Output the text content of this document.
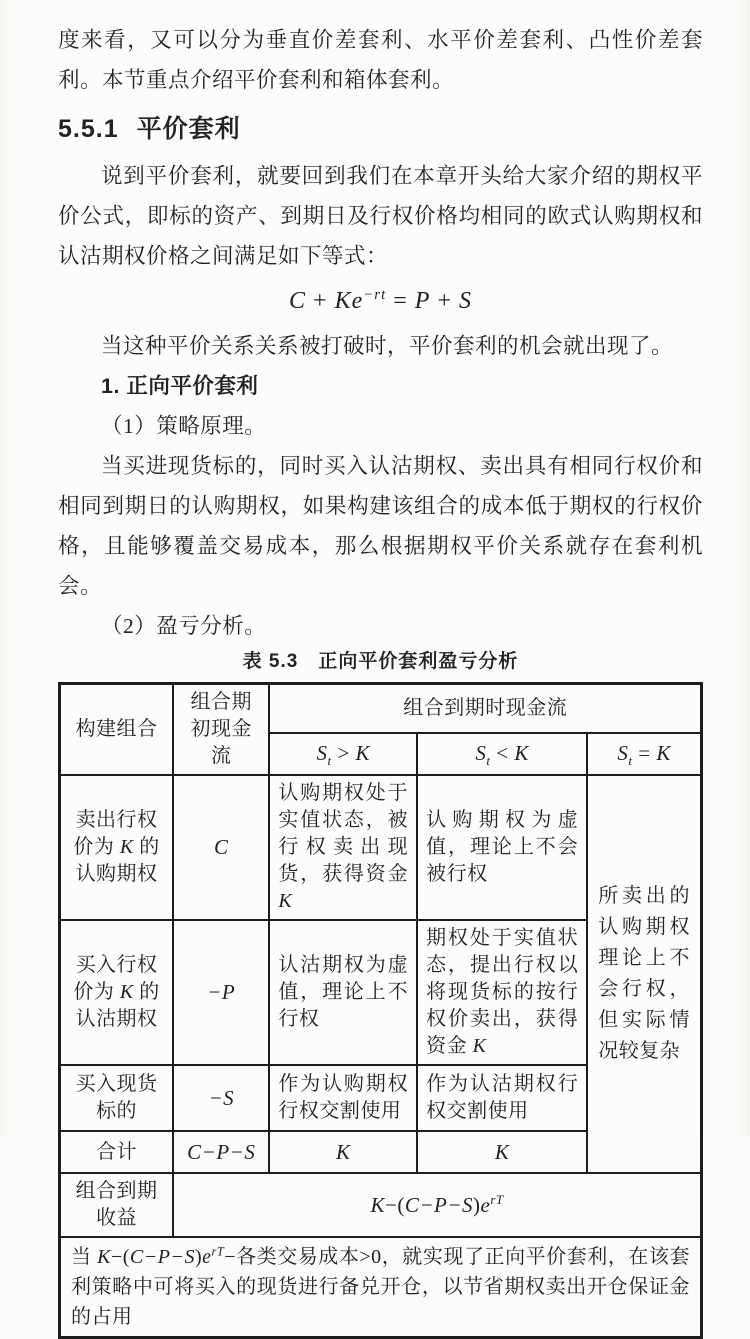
度来看，又可以分为垂直价差套利、水平价差套利、凸性价差套利。本节重点介绍平价套利和箱体套利。

5.5.1 平价套利

说到平价套利，就要回到我们在本章开头给大家介绍的期权平价公式，即标的资产、到期日及行权价格均相同的欧式认购期权和认沽期权价格之间满足如下等式：

$C + Ke^{-rt} = P + S$

当这种平价关系关系被打破时，平价套利的机会就出现了。

1. 正向平价套利

（1）策略原理。

当买进现货标的，同时买入认沽期权、卖出具有相同行权价和相同到期日的认购期权，如果构建该组合的成本低于期权的行权价格，且能够覆盖交易成本，那么根据期权平价关系就存在套利机会。

（2）盈亏分析。

表 5.3　正向平价套利盈亏分析
构建组合	组合期初现金流	组合到期时现金流		
		$S_t > K$	$S_t < K$	$S_t = K$
卖出行权价为 K 的认购期权	C	认购期权处于实值状态，被行权卖出现货，获得资金 K	认购期权为虚值，理论上不会被行权	所卖出的认购期权理论上不会行权，但实际情况较复杂
买入行权价为 K 的认沽期权	−P	认沽期权为虚值，理论上不行权	期权处于实值状态，提出行权以将现货标的按行权价卖出，获得资金 K	
买入现货标的	−S	作为认购期权行权交割使用	作为认沽期权行权交割使用	
合计	C−P−S	K	K	
组合到期收益	$K-(C-P-S)e^{rT}$
当 $K-(C-P-S)e^{rT}-$各类交易成本>0，就实现了正向平价套利，在该套利策略中可将买入的现货进行备兑开仓，以节省期权卖出开仓保证金的占用				
